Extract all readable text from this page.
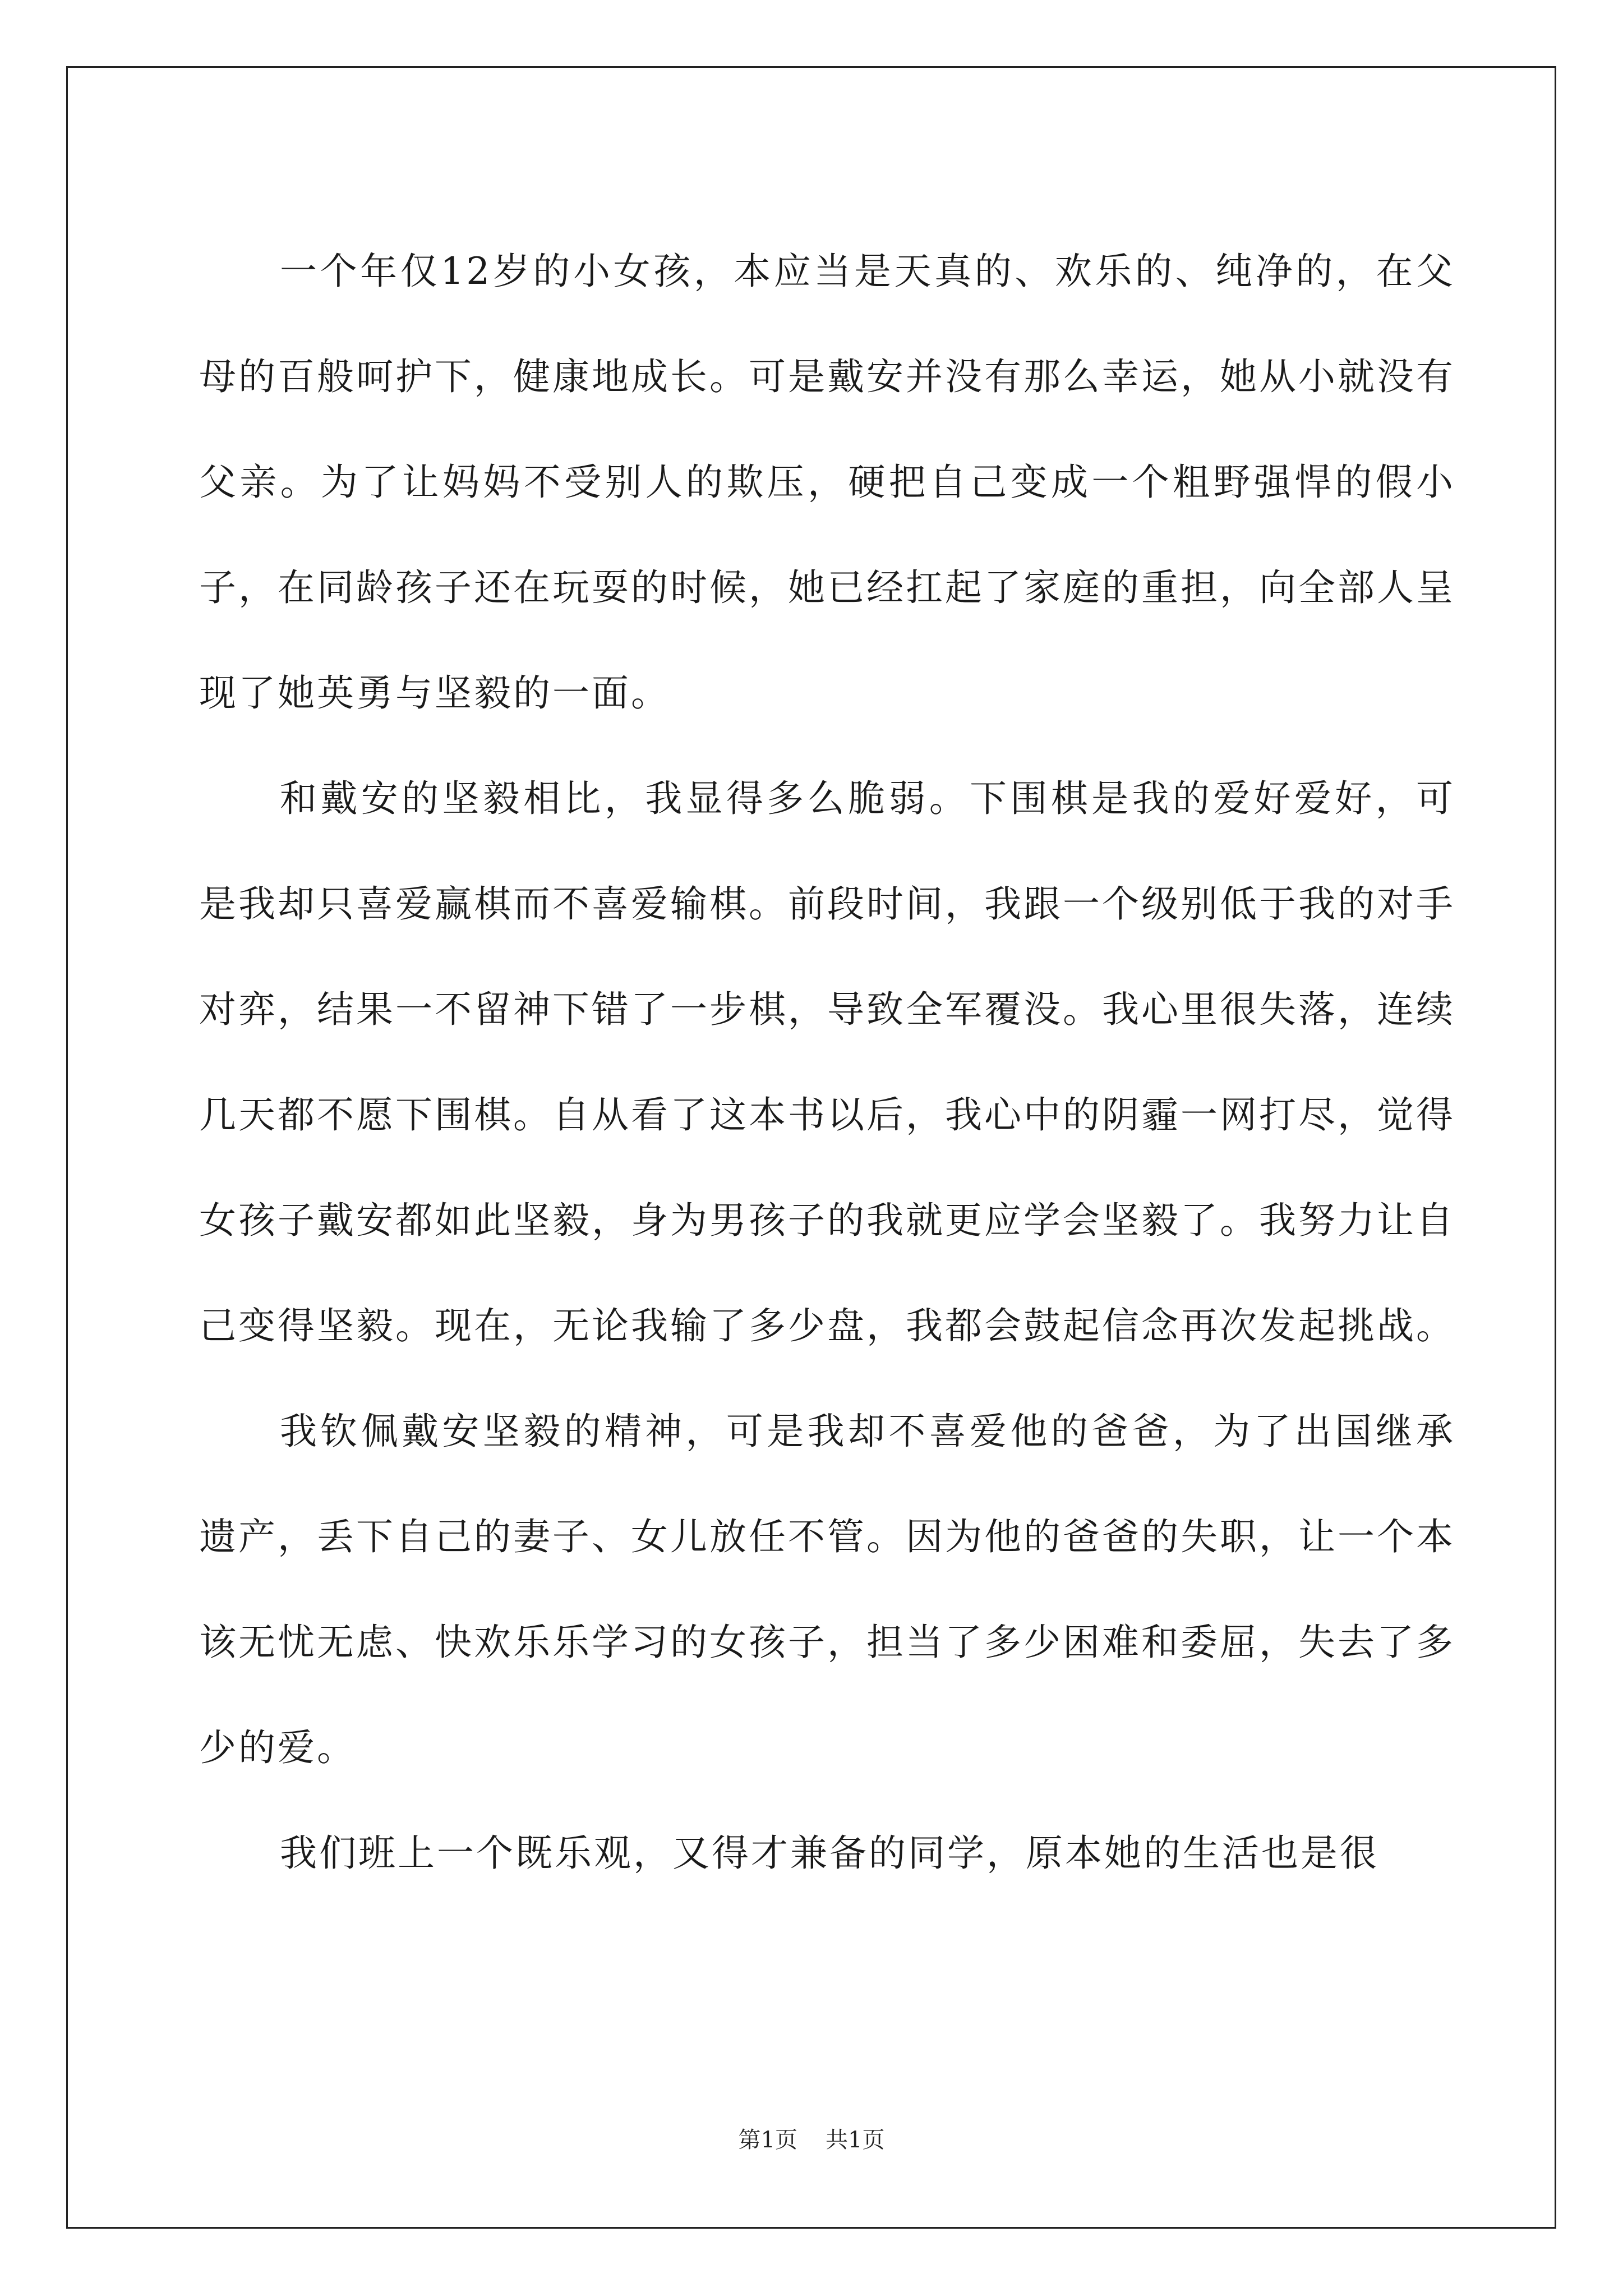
一个年仅12岁的小女孩，本应当是天真的、欢乐的、纯净的，在父母的百般呵护下，健康地成长。可是戴安并没有那么幸运，她从小就没有父亲。为了让妈妈不受别人的欺压，硬把自己变成一个粗野强悍的假小子，在同龄孩子还在玩耍的时候，她已经扛起了家庭的重担，向全部人呈现了她英勇与坚毅的一面。

和戴安的坚毅相比，我显得多么脆弱。下围棋是我的爱好爱好，可是我却只喜爱赢棋而不喜爱输棋。前段时间，我跟一个级别低于我的对手对弈，结果一不留神下错了一步棋，导致全军覆没。我心里很失落，连续几天都不愿下围棋。自从看了这本书以后，我心中的阴霾一网打尽，觉得女孩子戴安都如此坚毅，身为男孩子的我就更应学会坚毅了。我努力让自己变得坚毅。现在，无论我输了多少盘，我都会鼓起信念再次发起挑战。

我钦佩戴安坚毅的精神，可是我却不喜爱他的爸爸，为了出国继承遗产，丢下自己的妻子、女儿放任不管。因为他的爸爸的失职，让一个本该无忧无虑、快欢乐乐学习的女孩子，担当了多少困难和委屈，失去了多少的爱。

我们班上一个既乐观，又得才兼备的同学，原本她的生活也是很

第1页 共1页
